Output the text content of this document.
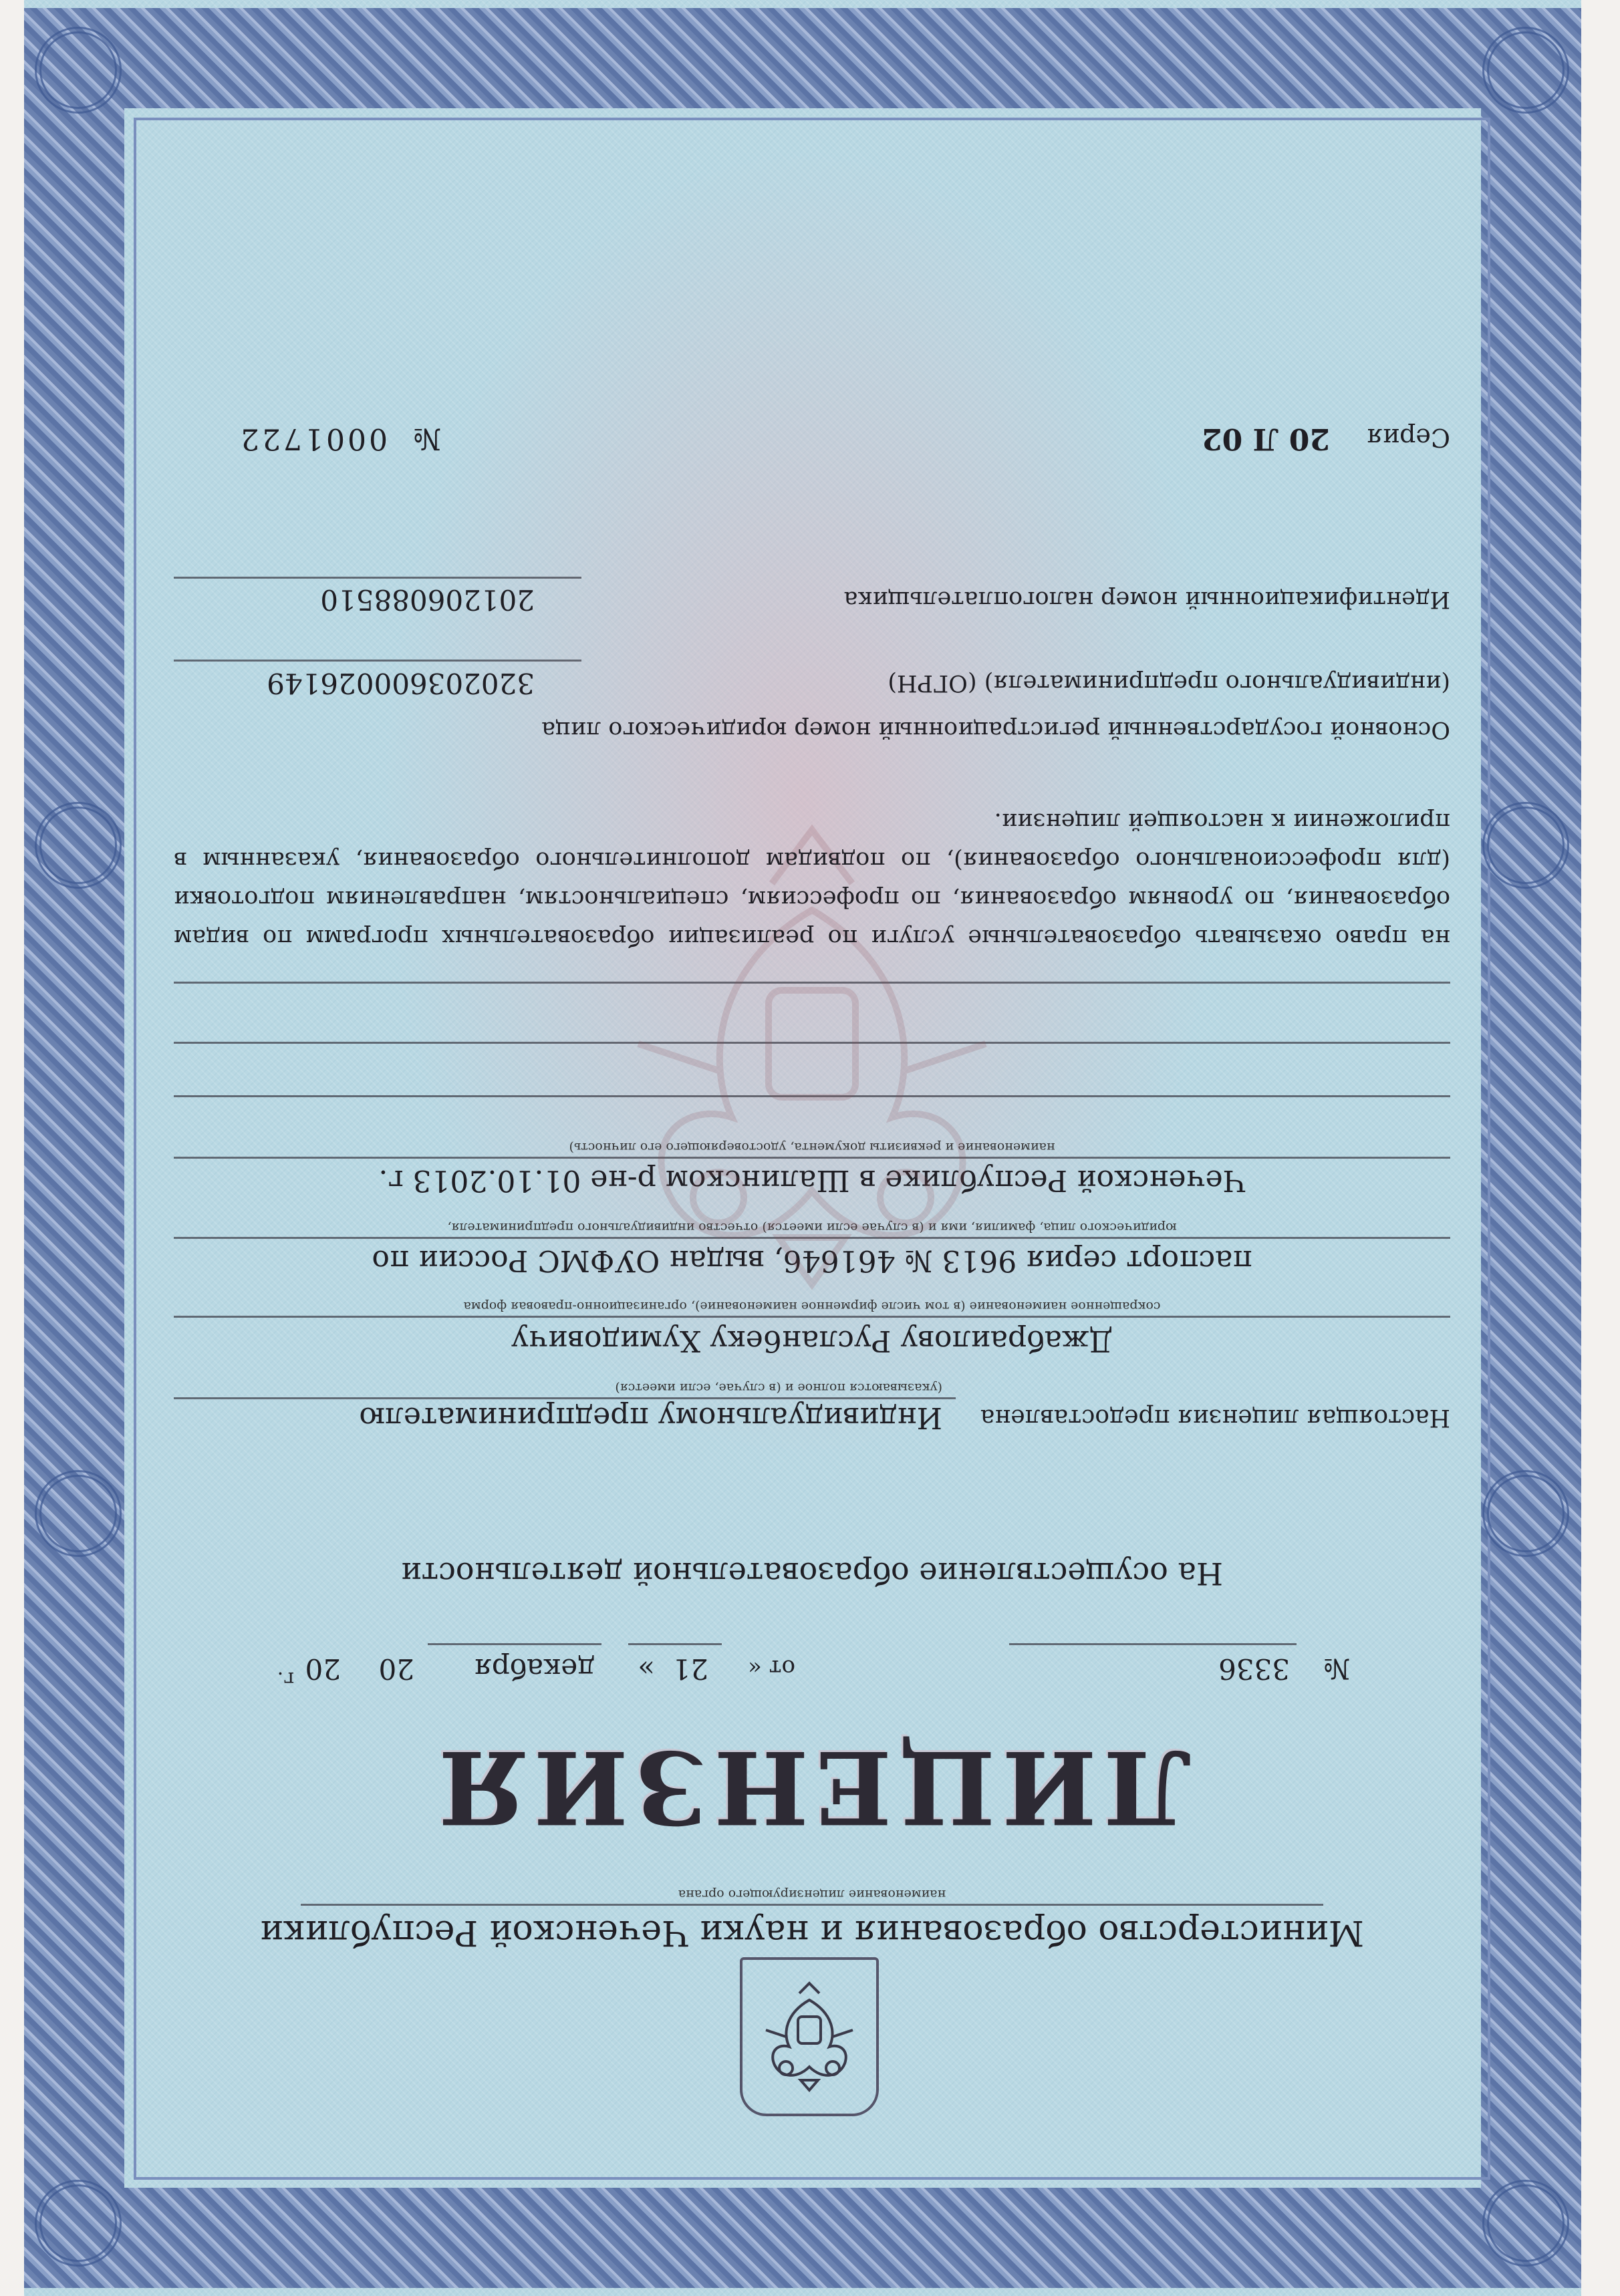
Министерство образования и науки Чеченской Республики
наименование лицензирующего органа
ЛИЦЕНЗИЯ
№
3336
от «
21
»
декабря
20
20
г.
На осуществление образовательной деятельности
Настоящая лицензия предоставлена
Индивидуальному предпринимателю
(указываются полное и (в случае, если имеется)
Джабраилову Руслан6еку Хумидовичу
сокращенное наименование (в том числе фирменное наименование), организационно-правовая форма
паспорт серия 9613 № 461646, выдан ОУФМС России по
юридического лица, фамилия, имя и (в случае если имеется) отчество индивидуального предпринимателя,
Чеченской Республике в Шалинском р-не 01.10.2013 г.
наименование и реквизиты документа, удостоверяющего его личность)
на право оказывать образовательные услуги по реализации образовательных программ по видам образования, по уровням образования, по профессиям, специальностям, направлениям подготовки (для профессионального образования), по подвидам дополнительного образования, указанным в приложении к настоящей лицензии.
Основной государственный регистрационный номер юридического лица
(индивидуального предпринимателя) (ОГРН)
320203600026149
Идентификационный номер налогоплательщика
201206088510
Серия
20 Л 02
№
0001722
